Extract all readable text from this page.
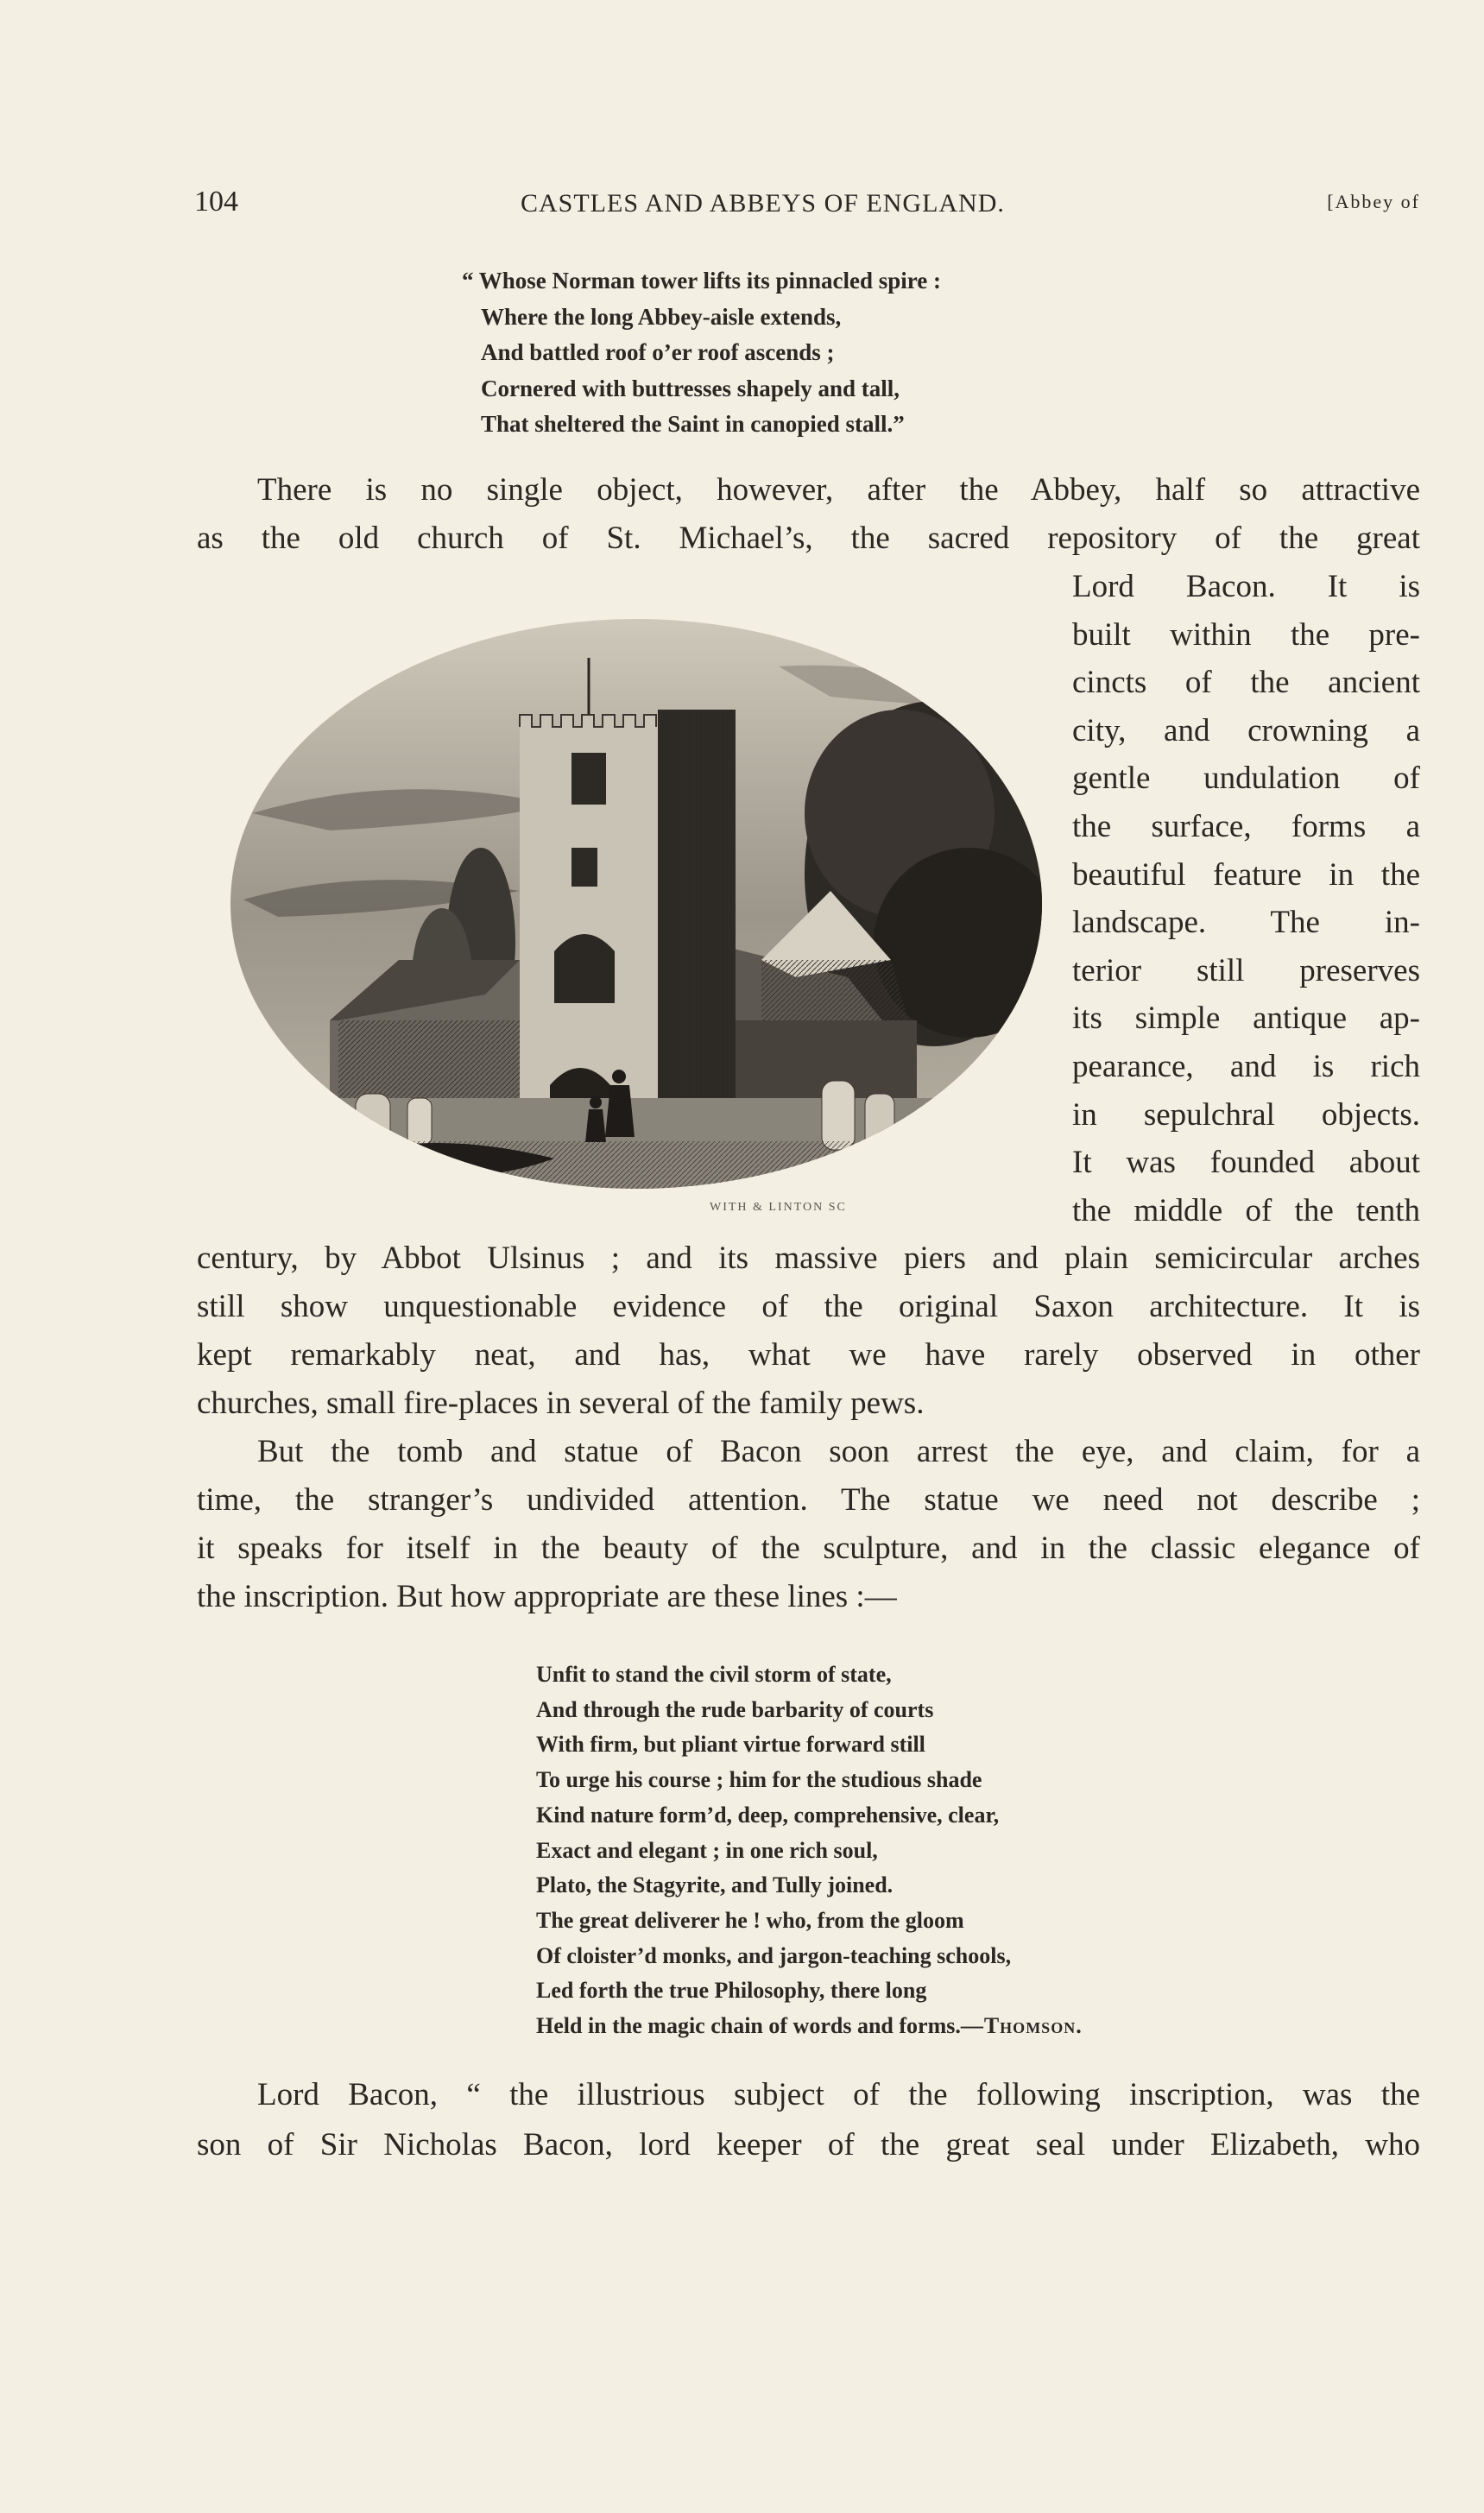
104	CASTLES AND ABBEYS OF ENGLAND.	[Abbey of
“ Whose Norman tower lifts its pinnacled spire :
Where the long Abbey-aisle extends,
And battled roof o’er roof ascends ;
Cornered with buttresses shapely and tall,
That sheltered the Saint in canopied stall.”
There is no single object, however, after the Abbey, half so attractive
as the old church of St. Michael’s, the sacred repository of the great
Lord Bacon. It is
built within the pre-
cincts of the ancient
city, and crowning a
gentle undulation of
the surface, forms a
beautiful feature in the
landscape. The in-
terior still preserves
its simple antique ap-
pearance, and is rich
in sepulchral objects.
It was founded about
the middle of the tenth
WITH & LINTON SC
century, by Abbot Ulsinus ; and its massive piers and plain semicircular arches
still show unquestionable evidence of the original Saxon architecture. It is
kept remarkably neat, and has, what we have rarely observed in other
churches, small fire-places in several of the family pews.
But the tomb and statue of Bacon soon arrest the eye, and claim, for a
time, the stranger’s undivided attention. The statue we need not describe ;
it speaks for itself in the beauty of the sculpture, and in the classic elegance of
the inscription. But how appropriate are these lines :—
Unfit to stand the civil storm of state,
And through the rude barbarity of courts
With firm, but pliant virtue forward still
To urge his course ; him for the studious shade
Kind nature form’d, deep, comprehensive, clear,
Exact and elegant ; in one rich soul,
Plato, the Stagyrite, and Tully joined.
The great deliverer he ! who, from the gloom
Of cloister’d monks, and jargon-teaching schools,
Led forth the true Philosophy, there long
Held in the magic chain of words and forms.—Thomson.
Lord Bacon, “ the illustrious subject of the following inscription, was the
son of Sir Nicholas Bacon, lord keeper of the great seal under Elizabeth, who
